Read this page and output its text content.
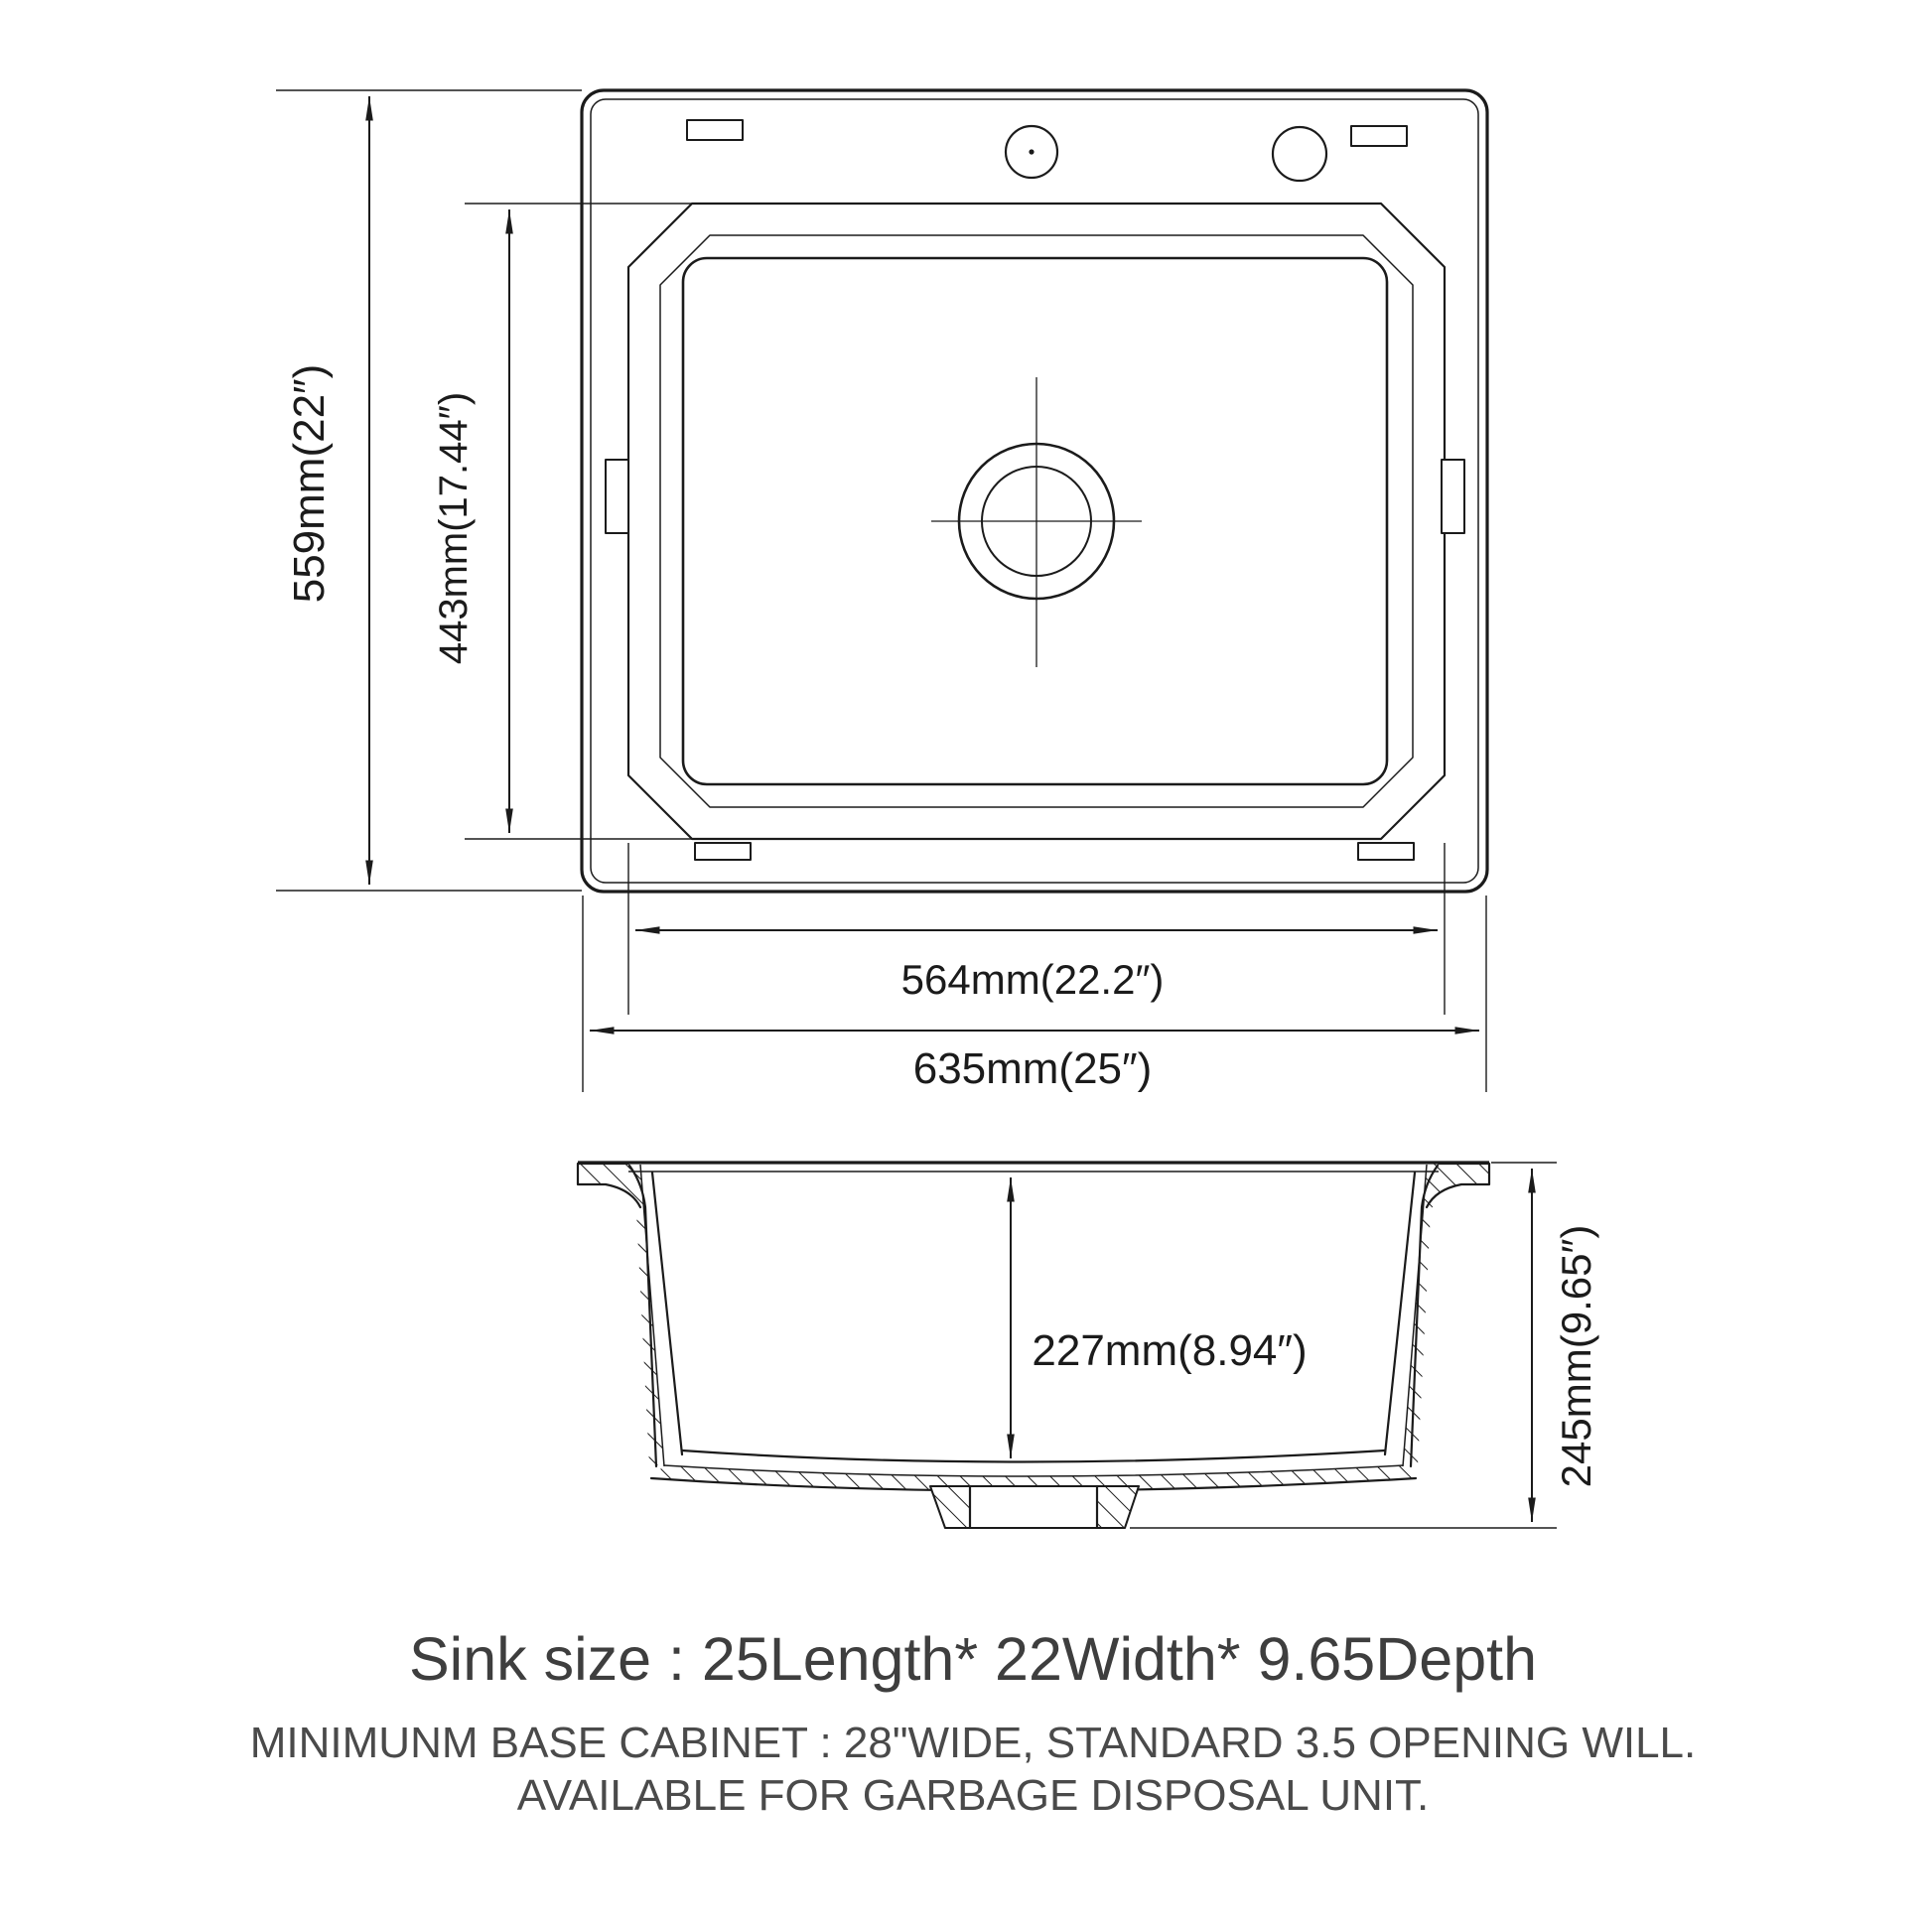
559mm(22″) 443mm(17.44″)
564mm(22.2″)
635mm(25″)
227mm(8.94″)	245mm(9.65″)
Sink size : 25Length* 22Width* 9.65Depth
MINIMUNM BASE CABINET : 28"WIDE, STANDARD 3.5 OPENING WILL.
AVAILABLE FOR GARBAGE DISPOSAL UNIT.
